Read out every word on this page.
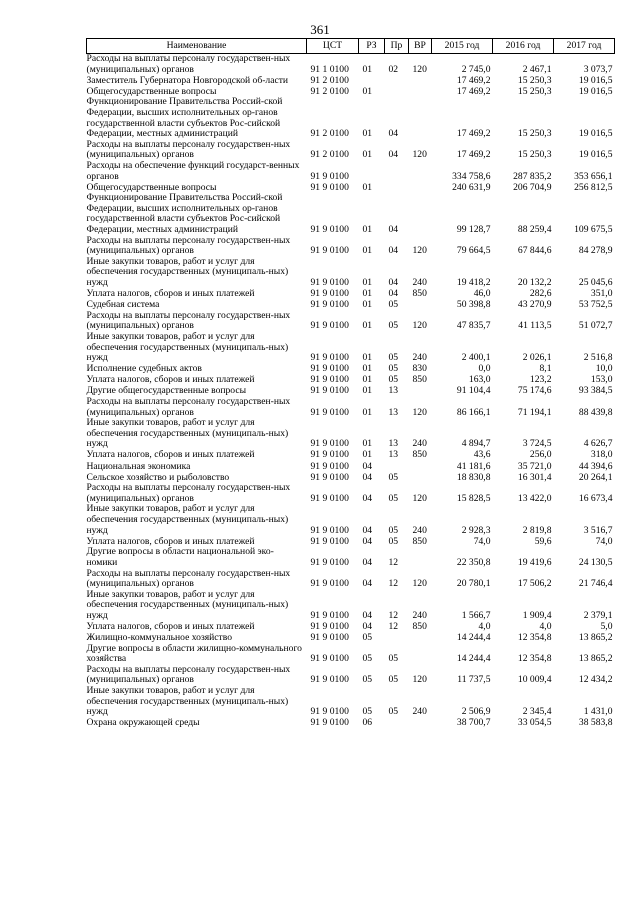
361
Наименование	ЦСТ	РЗ	Пр	ВР	2015 год	2016 год	2017 год
Расходы на выплаты персоналу государствен-ных (муниципальных) органов	91 1 0100	01	02	120	2 745,0	2 467,1	3 073,7
Заместитель Губернатора Новгородской об-ласти	91 2 0100				17 469,2	15 250,3	19 016,5
Общегосударственные вопросы	91 2 0100	01			17 469,2	15 250,3	19 016,5
Функционирование Правительства Россий-ской Федерации, высших исполнительных ор-ганов государственной власти субъектов Рос-сийской Федерации, местных администраций	91 2 0100	01	04		17 469,2	15 250,3	19 016,5
Расходы на выплаты персоналу государствен-ных (муниципальных) органов	91 2 0100	01	04	120	17 469,2	15 250,3	19 016,5
Расходы на обеспечение функций государст-венных органов	91 9 0100				334 758,6	287 835,2	353 656,1
Общегосударственные вопросы	91 9 0100	01			240 631,9	206 704,9	256 812,5
Функционирование Правительства Россий-ской Федерации, высших исполнительных ор-ганов государственной власти субъектов Рос-сийской Федерации, местных администраций	91 9 0100	01	04		99 128,7	88 259,4	109 675,5
Расходы на выплаты персоналу государствен-ных (муниципальных) органов	91 9 0100	01	04	120	79 664,5	67 844,6	84 278,9
Иные закупки товаров, работ и услуг для обеспечения государственных (муниципаль-ных) нужд	91 9 0100	01	04	240	19 418,2	20 132,2	25 045,6
Уплата налогов, сборов и иных платежей	91 9 0100	01	04	850	46,0	282,6	351,0
Судебная система	91 9 0100	01	05		50 398,8	43 270,9	53 752,5
Расходы на выплаты персоналу государствен-ных (муниципальных) органов	91 9 0100	01	05	120	47 835,7	41 113,5	51 072,7
Иные закупки товаров, работ и услуг для обеспечения государственных (муниципаль-ных) нужд	91 9 0100	01	05	240	2 400,1	2 026,1	2 516,8
Исполнение судебных актов	91 9 0100	01	05	830	0,0	8,1	10,0
Уплата налогов, сборов и иных платежей	91 9 0100	01	05	850	163,0	123,2	153,0
Другие общегосударственные вопросы	91 9 0100	01	13		91 104,4	75 174,6	93 384,5
Расходы на выплаты персоналу государствен-ных (муниципальных) органов	91 9 0100	01	13	120	86 166,1	71 194,1	88 439,8
Иные закупки товаров, работ и услуг для обеспечения государственных (муниципаль-ных) нужд	91 9 0100	01	13	240	4 894,7	3 724,5	4 626,7
Уплата налогов, сборов и иных платежей	91 9 0100	01	13	850	43,6	256,0	318,0
Национальная экономика	91 9 0100	04			41 181,6	35 721,0	44 394,6
Сельское хозяйство и рыболовство	91 9 0100	04	05		18 830,8	16 301,4	20 264,1
Расходы на выплаты персоналу государствен-ных (муниципальных) органов	91 9 0100	04	05	120	15 828,5	13 422,0	16 673,4
Иные закупки товаров, работ и услуг для обеспечения государственных (муниципаль-ных) нужд	91 9 0100	04	05	240	2 928,3	2 819,8	3 516,7
Уплата налогов, сборов и иных платежей	91 9 0100	04	05	850	74,0	59,6	74,0
Другие вопросы в области национальной эко-номики	91 9 0100	04	12		22 350,8	19 419,6	24 130,5
Расходы на выплаты персоналу государствен-ных (муниципальных) органов	91 9 0100	04	12	120	20 780,1	17 506,2	21 746,4
Иные закупки товаров, работ и услуг для обеспечения государственных (муниципаль-ных) нужд	91 9 0100	04	12	240	1 566,7	1 909,4	2 379,1
Уплата налогов, сборов и иных платежей	91 9 0100	04	12	850	4,0	4,0	5,0
Жилищно-коммунальное хозяйство	91 9 0100	05			14 244,4	12 354,8	13 865,2
Другие вопросы в области жилищно-коммунального хозяйства	91 9 0100	05	05		14 244,4	12 354,8	13 865,2
Расходы на выплаты персоналу государствен-ных (муниципальных) органов	91 9 0100	05	05	120	11 737,5	10 009,4	12 434,2
Иные закупки товаров, работ и услуг для обеспечения государственных (муниципаль-ных) нужд	91 9 0100	05	05	240	2 506,9	2 345,4	1 431,0
Охрана окружающей среды	91 9 0100	06			38 700,7	33 054,5	38 583,8
